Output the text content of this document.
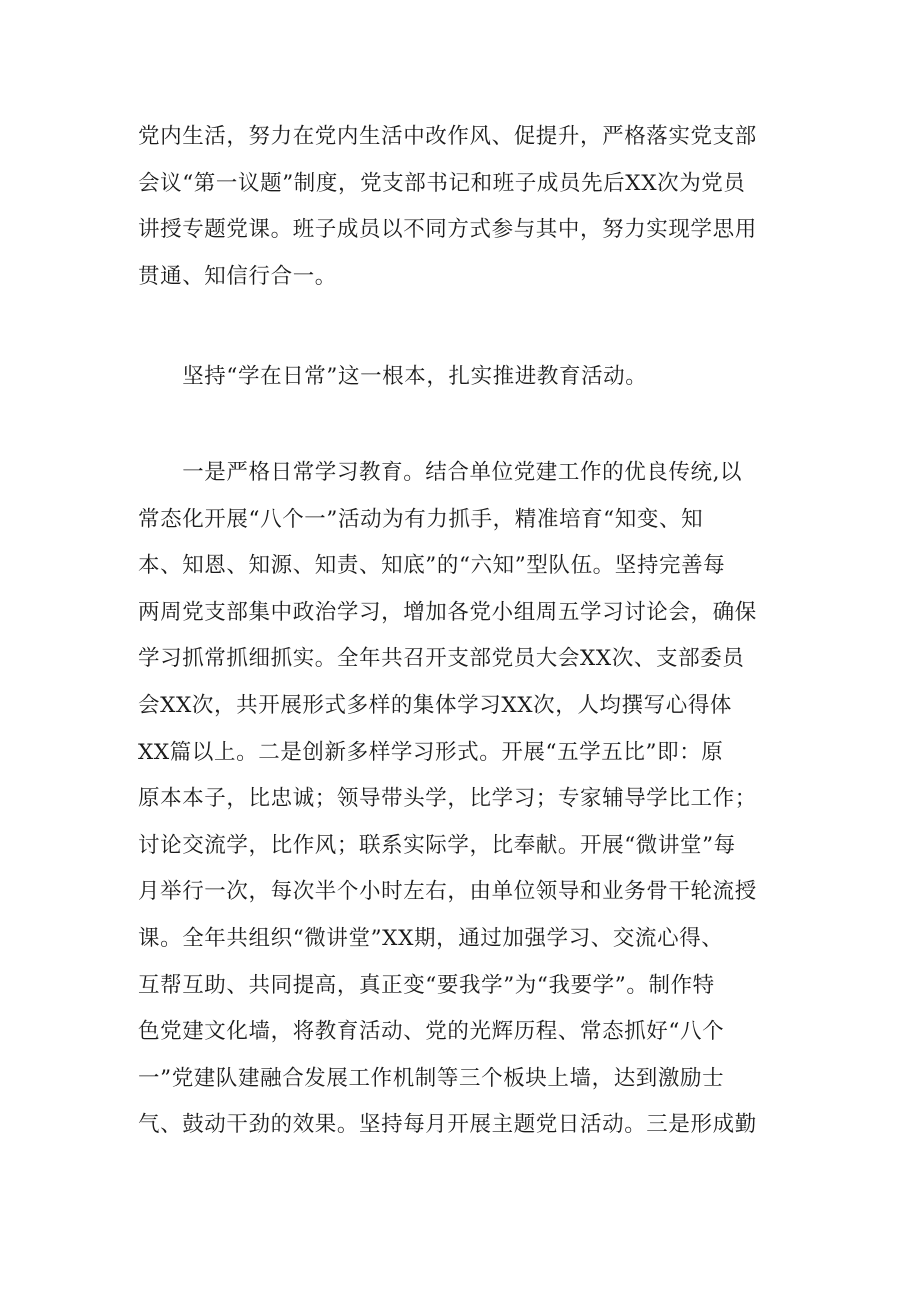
党内生活，努力在党内生活中改作风、促提升，严格落实党支部
会议“第一议题”制度，党支部书记和班子成员先后XX次为党员
讲授专题党课。班子成员以不同方式参与其中，努力实现学思用
贯通、知信行合一。
　　坚持“学在日常”这一根本，扎实推进教育活动。
　　一是严格日常学习教育。结合单位党建工作的优良传统,以
常态化开展“八个一”活动为有力抓手，精准培育“知变、知
本、知恩、知源、知责、知底”的“六知”型队伍。坚持完善每
两周党支部集中政治学习，增加各党小组周五学习讨论会，确保
学习抓常抓细抓实。全年共召开支部党员大会XX次、支部委员
会XX次，共开展形式多样的集体学习XX次，人均撰写心得体
XX篇以上。二是创新多样学习形式。开展“五学五比”即：原
原本本子，比忠诚；领导带头学，比学习；专家辅导学比工作；
讨论交流学，比作风；联系实际学，比奉献。开展“微讲堂”每
月举行一次，每次半个小时左右，由单位领导和业务骨干轮流授
课。全年共组织“微讲堂”XX期，通过加强学习、交流心得、
互帮互助、共同提高，真正变“要我学”为“我要学”。制作特
色党建文化墙，将教育活动、党的光辉历程、常态抓好“八个
一”党建队建融合发展工作机制等三个板块上墙，达到激励士
气、鼓动干劲的效果。坚持每月开展主题党日活动。三是形成勤
